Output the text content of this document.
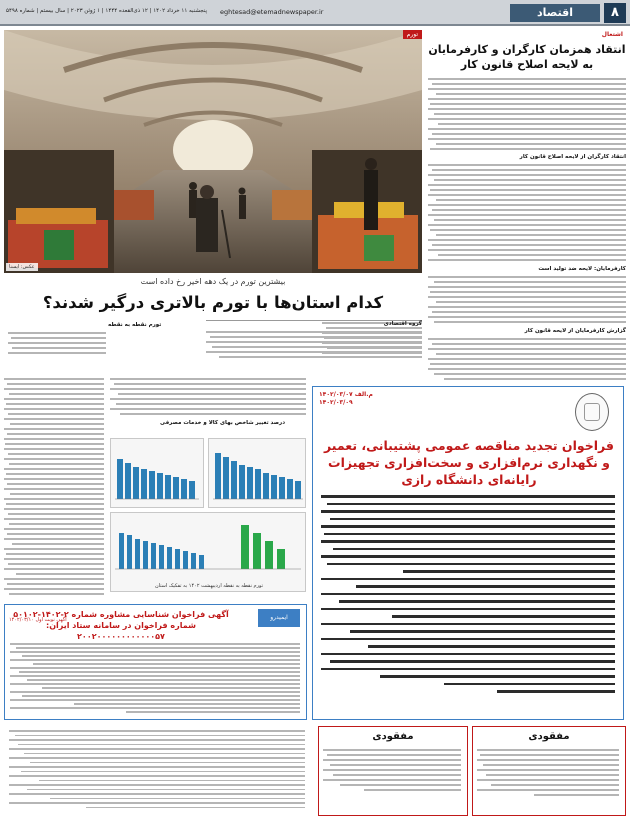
۸
اقتصاد
eghtesad@etemadnewspaper.ir
پنجشنبه ۱۱ خرداد ۱۴۰۲ | ۱۲ ذی‌القعده ۱۴۴۴ | ۱ ژوئن ۲۰۲۳ | سال بیستم | شماره ۵۴۹۸
اشتغال
انتقاد همزمان کارگران و کارفرمایان به لایحه اصلاح قانون کار
انتقاد کارگران از لایحه اصلاح قانون کار
کارفرمایان: لایحه ضد تولید است
گزارش کارفرمایان از لایحه قانون کار
تورم
عکس: ایسنا
بیشترین تورم در یک دهه اخیر رخ داده است
کدام استان‌ها با تورم بالاتری درگیر شدند؟
تورم نقطه به نقطه	گروه اقتصادی
درصد تغییر شاخص بهای کالا و خدمات مصرفی
تورم نقطه به نقطه اردیبهشت ۱۴۰۲ به تفکیک استان
م.الف ۱۴۰۲/۰۳/۰۷
۱۴۰۲/۰۳/۰۹
فراخوان تجدید مناقصه عمومی پشتیبانی، تعمیر و نگهداری نرم‌افزاری و سخت‌افزاری تجهیزات رایانه‌ای دانشگاه رازی
ایمیدرو
۱۴۰۲/۰۳/۱۰ آگهی نوبت اول
آگهی فراخوان شناسایی مشاوره شماره ۲-۱۴۰۲-۵۰۱۰۲ شماره فراخوان در سامانه ستاد ایران: ۲۰۰۲۰۰۰۰۰۰۰۰۰۰۰۰۵۷
مفقودی
مفقودی
